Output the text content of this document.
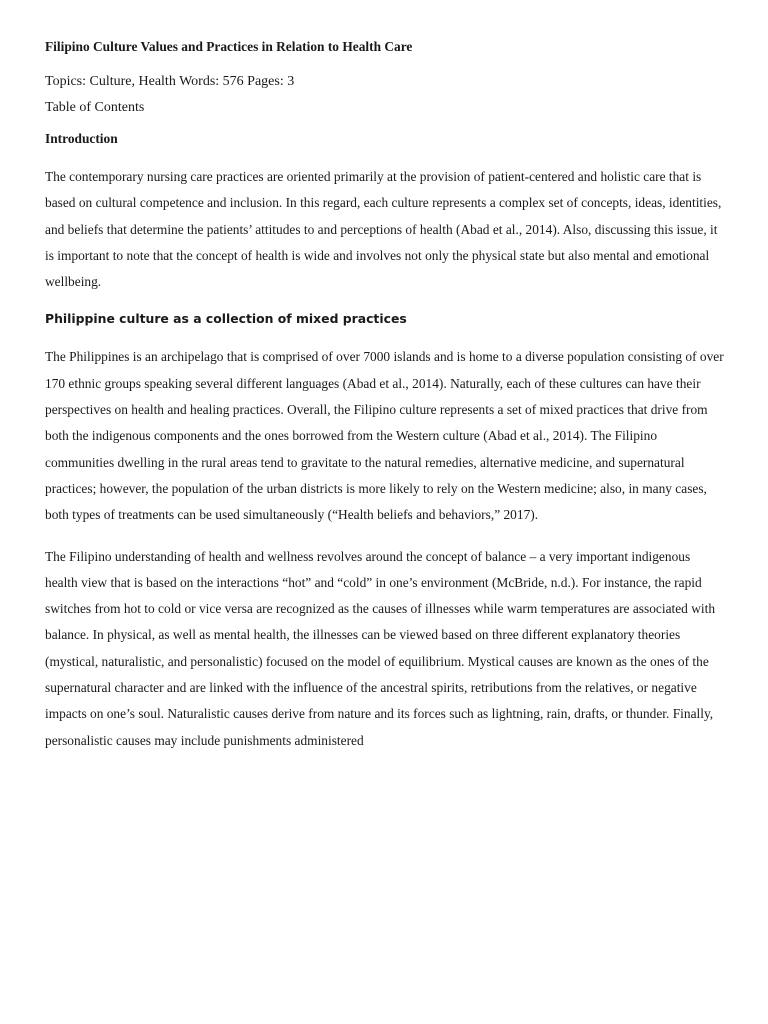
Filipino Culture Values and Practices in Relation to Health Care
Topics: Culture, Health Words: 576 Pages: 3
Table of Contents
Introduction

The contemporary nursing care practices are oriented primarily at the provision of patient-centered and holistic care that is based on cultural competence and inclusion. In this regard, each culture represents a complex set of concepts, ideas, identities, and beliefs that determine the patients’ attitudes to and perceptions of health (Abad et al., 2014). Also, discussing this issue, it is important to note that the concept of health is wide and involves not only the physical state but also mental and emotional wellbeing.

Philippine culture as a collection of mixed practices

The Philippines is an archipelago that is comprised of over 7000 islands and is home to a diverse population consisting of over 170 ethnic groups speaking several different languages (Abad et al., 2014). Naturally, each of these cultures can have their perspectives on health and healing practices. Overall, the Filipino culture represents a set of mixed practices that drive from both the indigenous components and the ones borrowed from the Western culture (Abad et al., 2014). The Filipino communities dwelling in the rural areas tend to gravitate to the natural remedies, alternative medicine, and supernatural practices; however, the population of the urban districts is more likely to rely on the Western medicine; also, in many cases, both types of treatments can be used simultaneously (“Health beliefs and behaviors,” 2017).

The Filipino understanding of health and wellness revolves around the concept of balance – a very important indigenous health view that is based on the interactions “hot” and “cold” in one’s environment (McBride, n.d.). For instance, the rapid switches from hot to cold or vice versa are recognized as the causes of illnesses while warm temperatures are associated with balance. In physical, as well as mental health, the illnesses can be viewed based on three different explanatory theories (mystical, naturalistic, and personalistic) focused on the model of equilibrium. Mystical causes are known as the ones of the supernatural character and are linked with the influence of the ancestral spirits, retributions from the relatives, or negative impacts on one’s soul. Naturalistic causes derive from nature and its forces such as lightning, rain, drafts, or thunder. Finally, personalistic causes may include punishments administered
